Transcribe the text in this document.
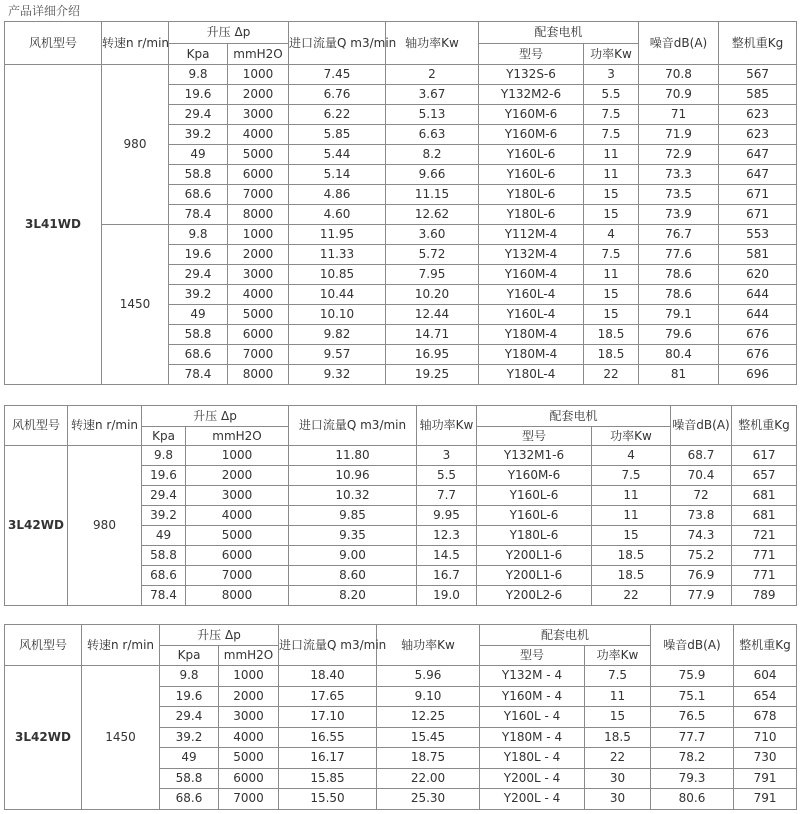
产品详细介绍
风机型号	转速n r/min	升压 Δp		进口流量Q m3/min	轴功率Kw	配套电机		噪音dB(A)	整机重Kg
		Kpa	mmH2O			型号	功率Kw		
3L41WD	980	9.8	1000	7.45	2	Y132S-6	3	70.8	567
		19.6	2000	6.76	3.67	Y132M2-6	5.5	70.9	585
		29.4	3000	6.22	5.13	Y160M-6	7.5	71	623
		39.2	4000	5.85	6.63	Y160M-6	7.5	71.9	623
		49	5000	5.44	8.2	Y160L-6	11	72.9	647
		58.8	6000	5.14	9.66	Y160L-6	11	73.3	647
		68.6	7000	4.86	11.15	Y180L-6	15	73.5	671
		78.4	8000	4.60	12.62	Y180L-6	15	73.9	671
	1450	9.8	1000	11.95	3.60	Y112M-4	4	76.7	553
		19.6	2000	11.33	5.72	Y132M-4	7.5	77.6	581
		29.4	3000	10.85	7.95	Y160M-4	11	78.6	620
		39.2	4000	10.44	10.20	Y160L-4	15	78.6	644
		49	5000	10.10	12.44	Y160L-4	15	79.1	644
		58.8	6000	9.82	14.71	Y180M-4	18.5	79.6	676
		68.6	7000	9.57	16.95	Y180M-4	18.5	80.4	676
		78.4	8000	9.32	19.25	Y180L-4	22	81	696
风机型号	转速n r/min	升压 Δp		进口流量Q m3/min	轴功率Kw	配套电机		噪音dB(A)	整机重Kg
		Kpa	mmH2O			型号	功率Kw		
3L42WD	980	9.8	1000	11.80	3	Y132M1-6	4	68.7	617
		19.6	2000	10.96	5.5	Y160M-6	7.5	70.4	657
		29.4	3000	10.32	7.7	Y160L-6	11	72	681
		39.2	4000	9.85	9.95	Y160L-6	11	73.8	681
		49	5000	9.35	12.3	Y180L-6	15	74.3	721
		58.8	6000	9.00	14.5	Y200L1-6	18.5	75.2	771
		68.6	7000	8.60	16.7	Y200L1-6	18.5	76.9	771
		78.4	8000	8.20	19.0	Y200L2-6	22	77.9	789
风机型号	转速n r/min	升压 Δp		进口流量Q m3/min	轴功率Kw	配套电机		噪音dB(A)	整机重Kg
		Kpa	mmH2O			型号	功率Kw		
3L42WD	1450	9.8	1000	18.40	5.96	Y132M - 4	7.5	75.9	604
		19.6	2000	17.65	9.10	Y160M - 4	11	75.1	654
		29.4	3000	17.10	12.25	Y160L - 4	15	76.5	678
		39.2	4000	16.55	15.45	Y180M - 4	18.5	77.7	710
		49	5000	16.17	18.75	Y180L - 4	22	78.2	730
		58.8	6000	15.85	22.00	Y200L - 4	30	79.3	791
		68.6	7000	15.50	25.30	Y200L - 4	30	80.6	791
